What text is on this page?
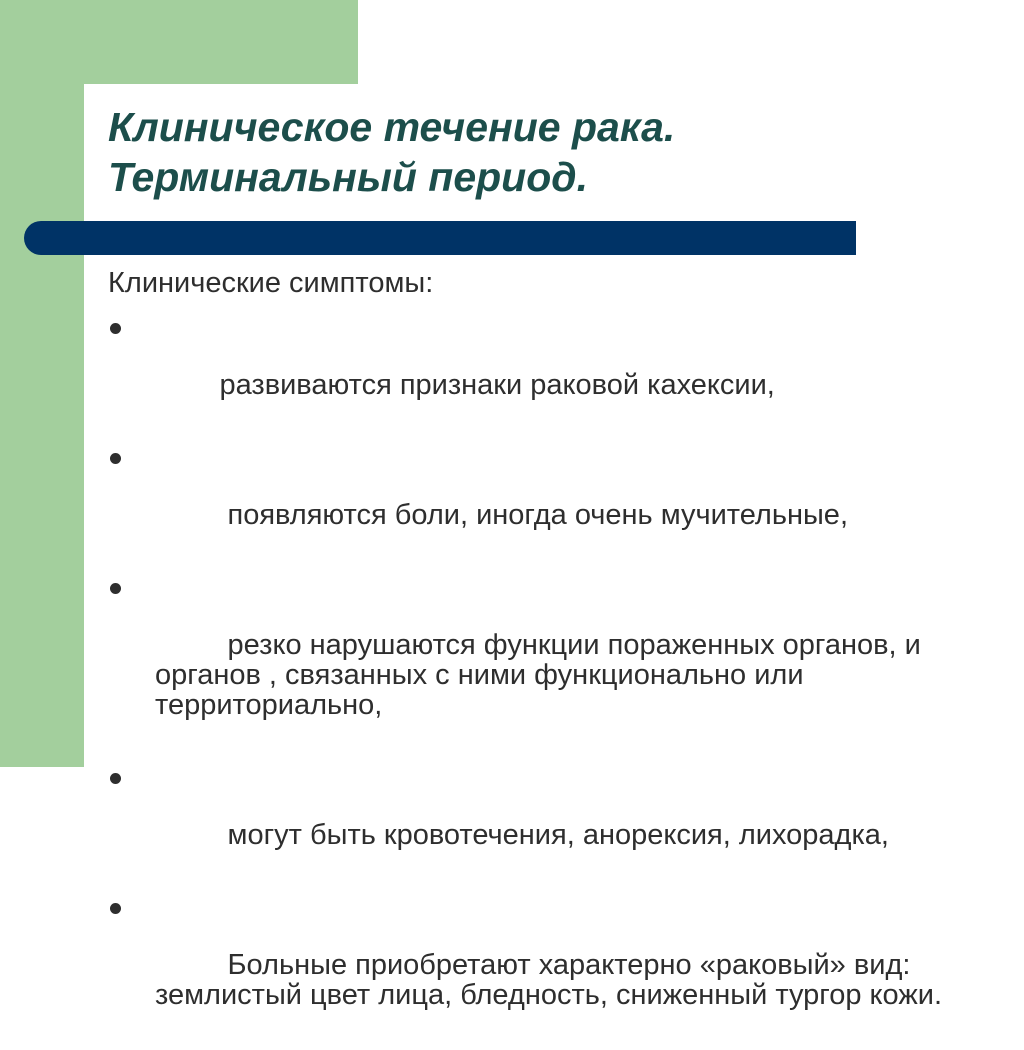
Клиническое течение рака.
Терминальный период.

Клинические симптомы:

развиваются признаки раковой кахексии,

появляются боли, иногда очень мучительные,

резко нарушаются функции пораженных органов, и органов , связанных с ними функционально или территориально,

могут быть кровотечения, анорексия, лихорадка,

Больные приобретают характерно «раковый» вид: землистый цвет лица, бледность, сниженный тургор кожи.
